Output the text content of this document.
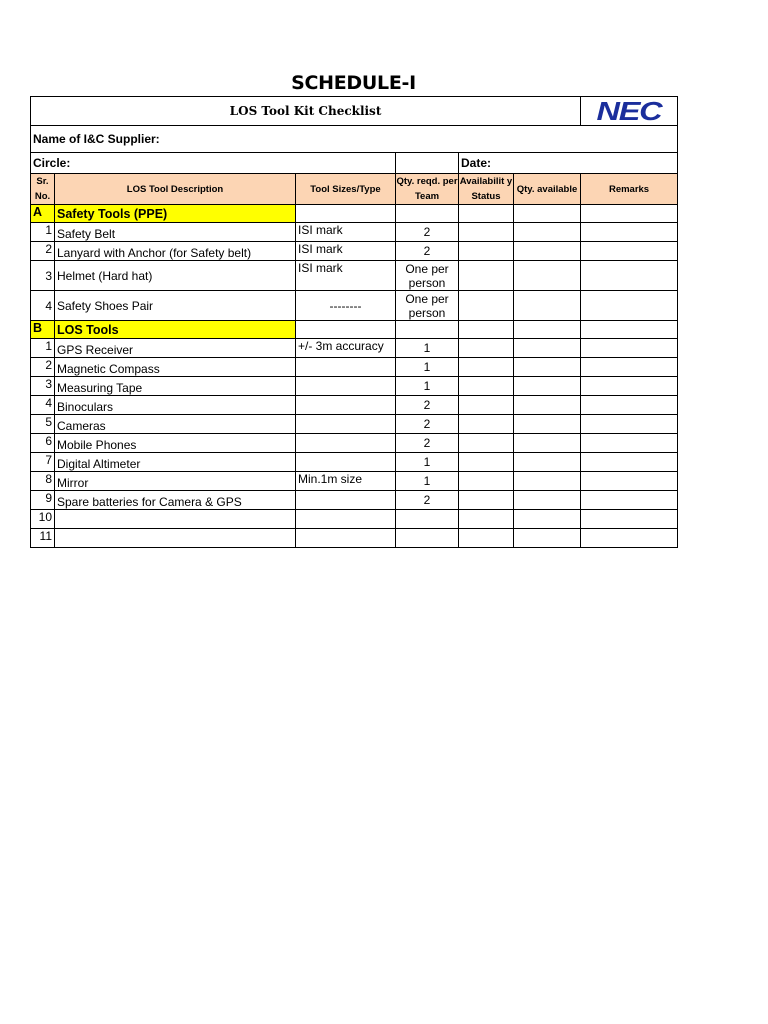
SCHEDULE-I
LOS Tool Kit Checklist						NEC
Name of I&C Supplier:						
Circle:				Date:		
Sr. No.	LOS Tool Description	Tool Sizes/Type	Qty. reqd. per Team	Availabilit y Status	Qty. available	Remarks
A	Safety Tools (PPE)					
1	Safety Belt	ISI mark	2			
2	Lanyard with Anchor (for Safety belt)	ISI mark	2			
3	Helmet (Hard hat)	ISI mark	One per person			
4	Safety Shoes Pair	--------	One per person			
B	LOS Tools					
1	GPS Receiver	+/- 3m accuracy	1			
2	Magnetic Compass		1			
3	Measuring Tape		1			
4	Binoculars		2			
5	Cameras		2			
6	Mobile Phones		2			
7	Digital Altimeter		1			
8	Mirror	Min.1m size	1			
9	Spare batteries for Camera & GPS		2			
10						
11						
